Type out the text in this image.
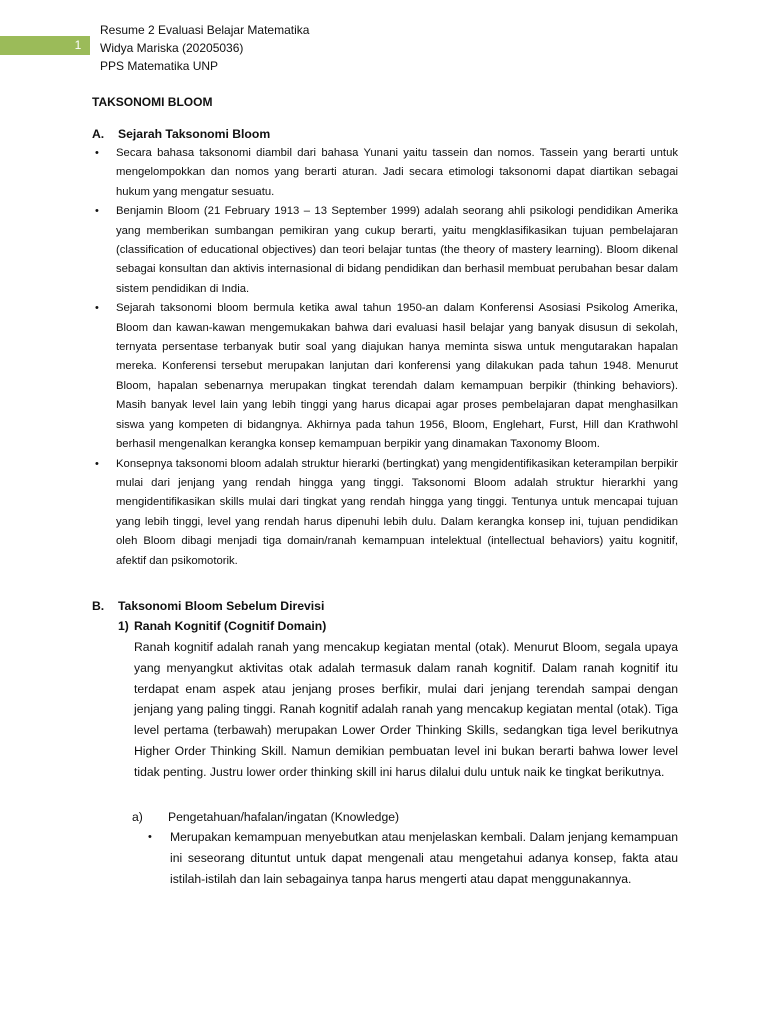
1
Resume 2 Evaluasi Belajar Matematika
Widya Mariska (20205036)
PPS Matematika UNP
TAKSONOMI BLOOM
A.	Sejarah Taksonomi Bloom
• Secara bahasa taksonomi diambil dari bahasa Yunani yaitu tassein dan nomos. Tassein yang berarti untuk mengelompokkan dan nomos yang berarti aturan. Jadi secara etimologi taksonomi dapat diartikan sebagai hukum yang mengatur sesuatu.
• Benjamin Bloom (21 February 1913 – 13 September 1999) adalah seorang ahli psikologi pendidikan Amerika yang memberikan sumbangan pemikiran yang cukup berarti, yaitu mengklasifikasikan tujuan pembelajaran (classification of educational objectives) dan teori belajar tuntas (the theory of mastery learning). Bloom dikenal sebagai konsultan dan aktivis internasional di bidang pendidikan dan berhasil membuat perubahan besar dalam sistem pendidikan di India.
• Sejarah taksonomi bloom bermula ketika awal tahun 1950-an dalam Konferensi Asosiasi Psikolog Amerika, Bloom dan kawan-kawan mengemukakan bahwa dari evaluasi hasil belajar yang banyak disusun di sekolah, ternyata persentase terbanyak butir soal yang diajukan hanya meminta siswa untuk mengutarakan hapalan mereka. Konferensi tersebut merupakan lanjutan dari konferensi yang dilakukan pada tahun 1948. Menurut Bloom, hapalan sebenarnya merupakan tingkat terendah dalam kemampuan berpikir (thinking behaviors). Masih banyak level lain yang lebih tinggi yang harus dicapai agar proses pembelajaran dapat menghasilkan siswa yang kompeten di bidangnya. Akhirnya pada tahun 1956, Bloom, Englehart, Furst, Hill dan Krathwohl berhasil mengenalkan kerangka konsep kemampuan berpikir yang dinamakan Taxonomy Bloom.
• Konsepnya taksonomi bloom adalah struktur hierarki (bertingkat) yang mengidentifikasikan keterampilan berpikir mulai dari jenjang yang rendah hingga yang tinggi. Taksonomi Bloom adalah struktur hierarkhi yang mengidentifikasikan skills mulai dari tingkat yang rendah hingga yang tinggi. Tentunya untuk mencapai tujuan yang lebih tinggi, level yang rendah harus dipenuhi lebih dulu. Dalam kerangka konsep ini, tujuan pendidikan oleh Bloom dibagi menjadi tiga domain/ranah kemampuan intelektual (intellectual behaviors) yaitu kognitif, afektif dan psikomotorik.
B.	Taksonomi Bloom Sebelum Direvisi
1) Ranah Kognitif (Cognitif Domain)
Ranah kognitif adalah ranah yang mencakup kegiatan mental (otak). Menurut Bloom, segala upaya yang menyangkut aktivitas otak adalah termasuk dalam ranah kognitif. Dalam ranah kognitif itu terdapat enam aspek atau jenjang proses berfikir, mulai dari jenjang terendah sampai dengan jenjang yang paling tinggi. Ranah kognitif adalah ranah yang mencakup kegiatan mental (otak). Tiga level pertama (terbawah) merupakan Lower Order Thinking Skills, sedangkan tiga level berikutnya Higher Order Thinking Skill. Namun demikian pembuatan level ini bukan berarti bahwa lower level tidak penting. Justru lower order thinking skill ini harus dilalui dulu untuk naik ke tingkat berikutnya.
a)	Pengetahuan/hafalan/ingatan (Knowledge)
• Merupakan kemampuan menyebutkan atau menjelaskan kembali. Dalam jenjang kemampuan ini seseorang dituntut untuk dapat mengenali atau mengetahui adanya konsep, fakta atau istilah-istilah dan lain sebagainya tanpa harus mengerti atau dapat menggunakannya.
